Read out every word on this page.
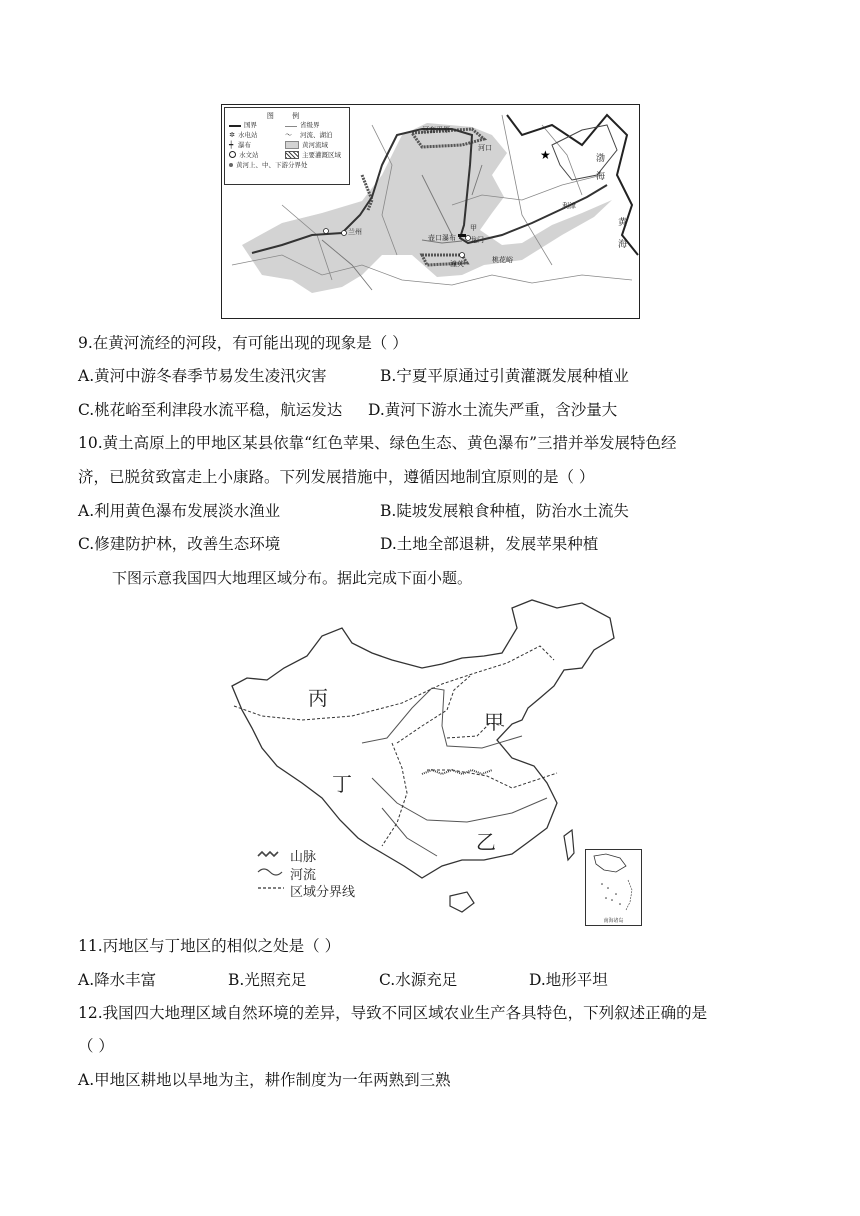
★
图 例
国界	省级界
✲ 水电站	〜	河流、湖泊
┿ 瀑布	黄河流域
水文站	主要灌溉区域
黄河上、中、下游分界处
河套平原
河口
兰州	甲
龙门
壶口瀑布
潼关	桃花峪
利津
渤
海
黄
海
9.在黄河流经的河段，有可能出现的现象是（ ）
A.黄河中游冬春季节易发生凌汛灾害	B.宁夏平原通过引黄灌溉发展种植业
C.桃花峪至利津段水流平稳，航运发达 D.黄河下游水土流失严重，含沙量大
10.黄土高原上的甲地区某县依靠“红色苹果、绿色生态、黄色瀑布”三措并举发展特色经
济，已脱贫致富走上小康路。下列发展措施中，遵循因地制宜原则的是（ ）
A.利用黄色瀑布发展淡水渔业	B.陡坡发展粮食种植，防治水土流失
C.修建防护林，改善生态环境	D.土地全部退耕，发展苹果种植
下图示意我国四大地理区域分布。据此完成下面小题。
丙
甲
丁
乙
山脉
河流
区域分界线
南海诸岛
11.丙地区与丁地区的相似之处是（ ）
A.降水丰富	B.光照充足	C.水源充足	D.地形平坦
12.我国四大地理区域自然环境的差异，导致不同区域农业生产各具特色，下列叙述正确的是
（ ）
A.甲地区耕地以旱地为主，耕作制度为一年两熟到三熟
